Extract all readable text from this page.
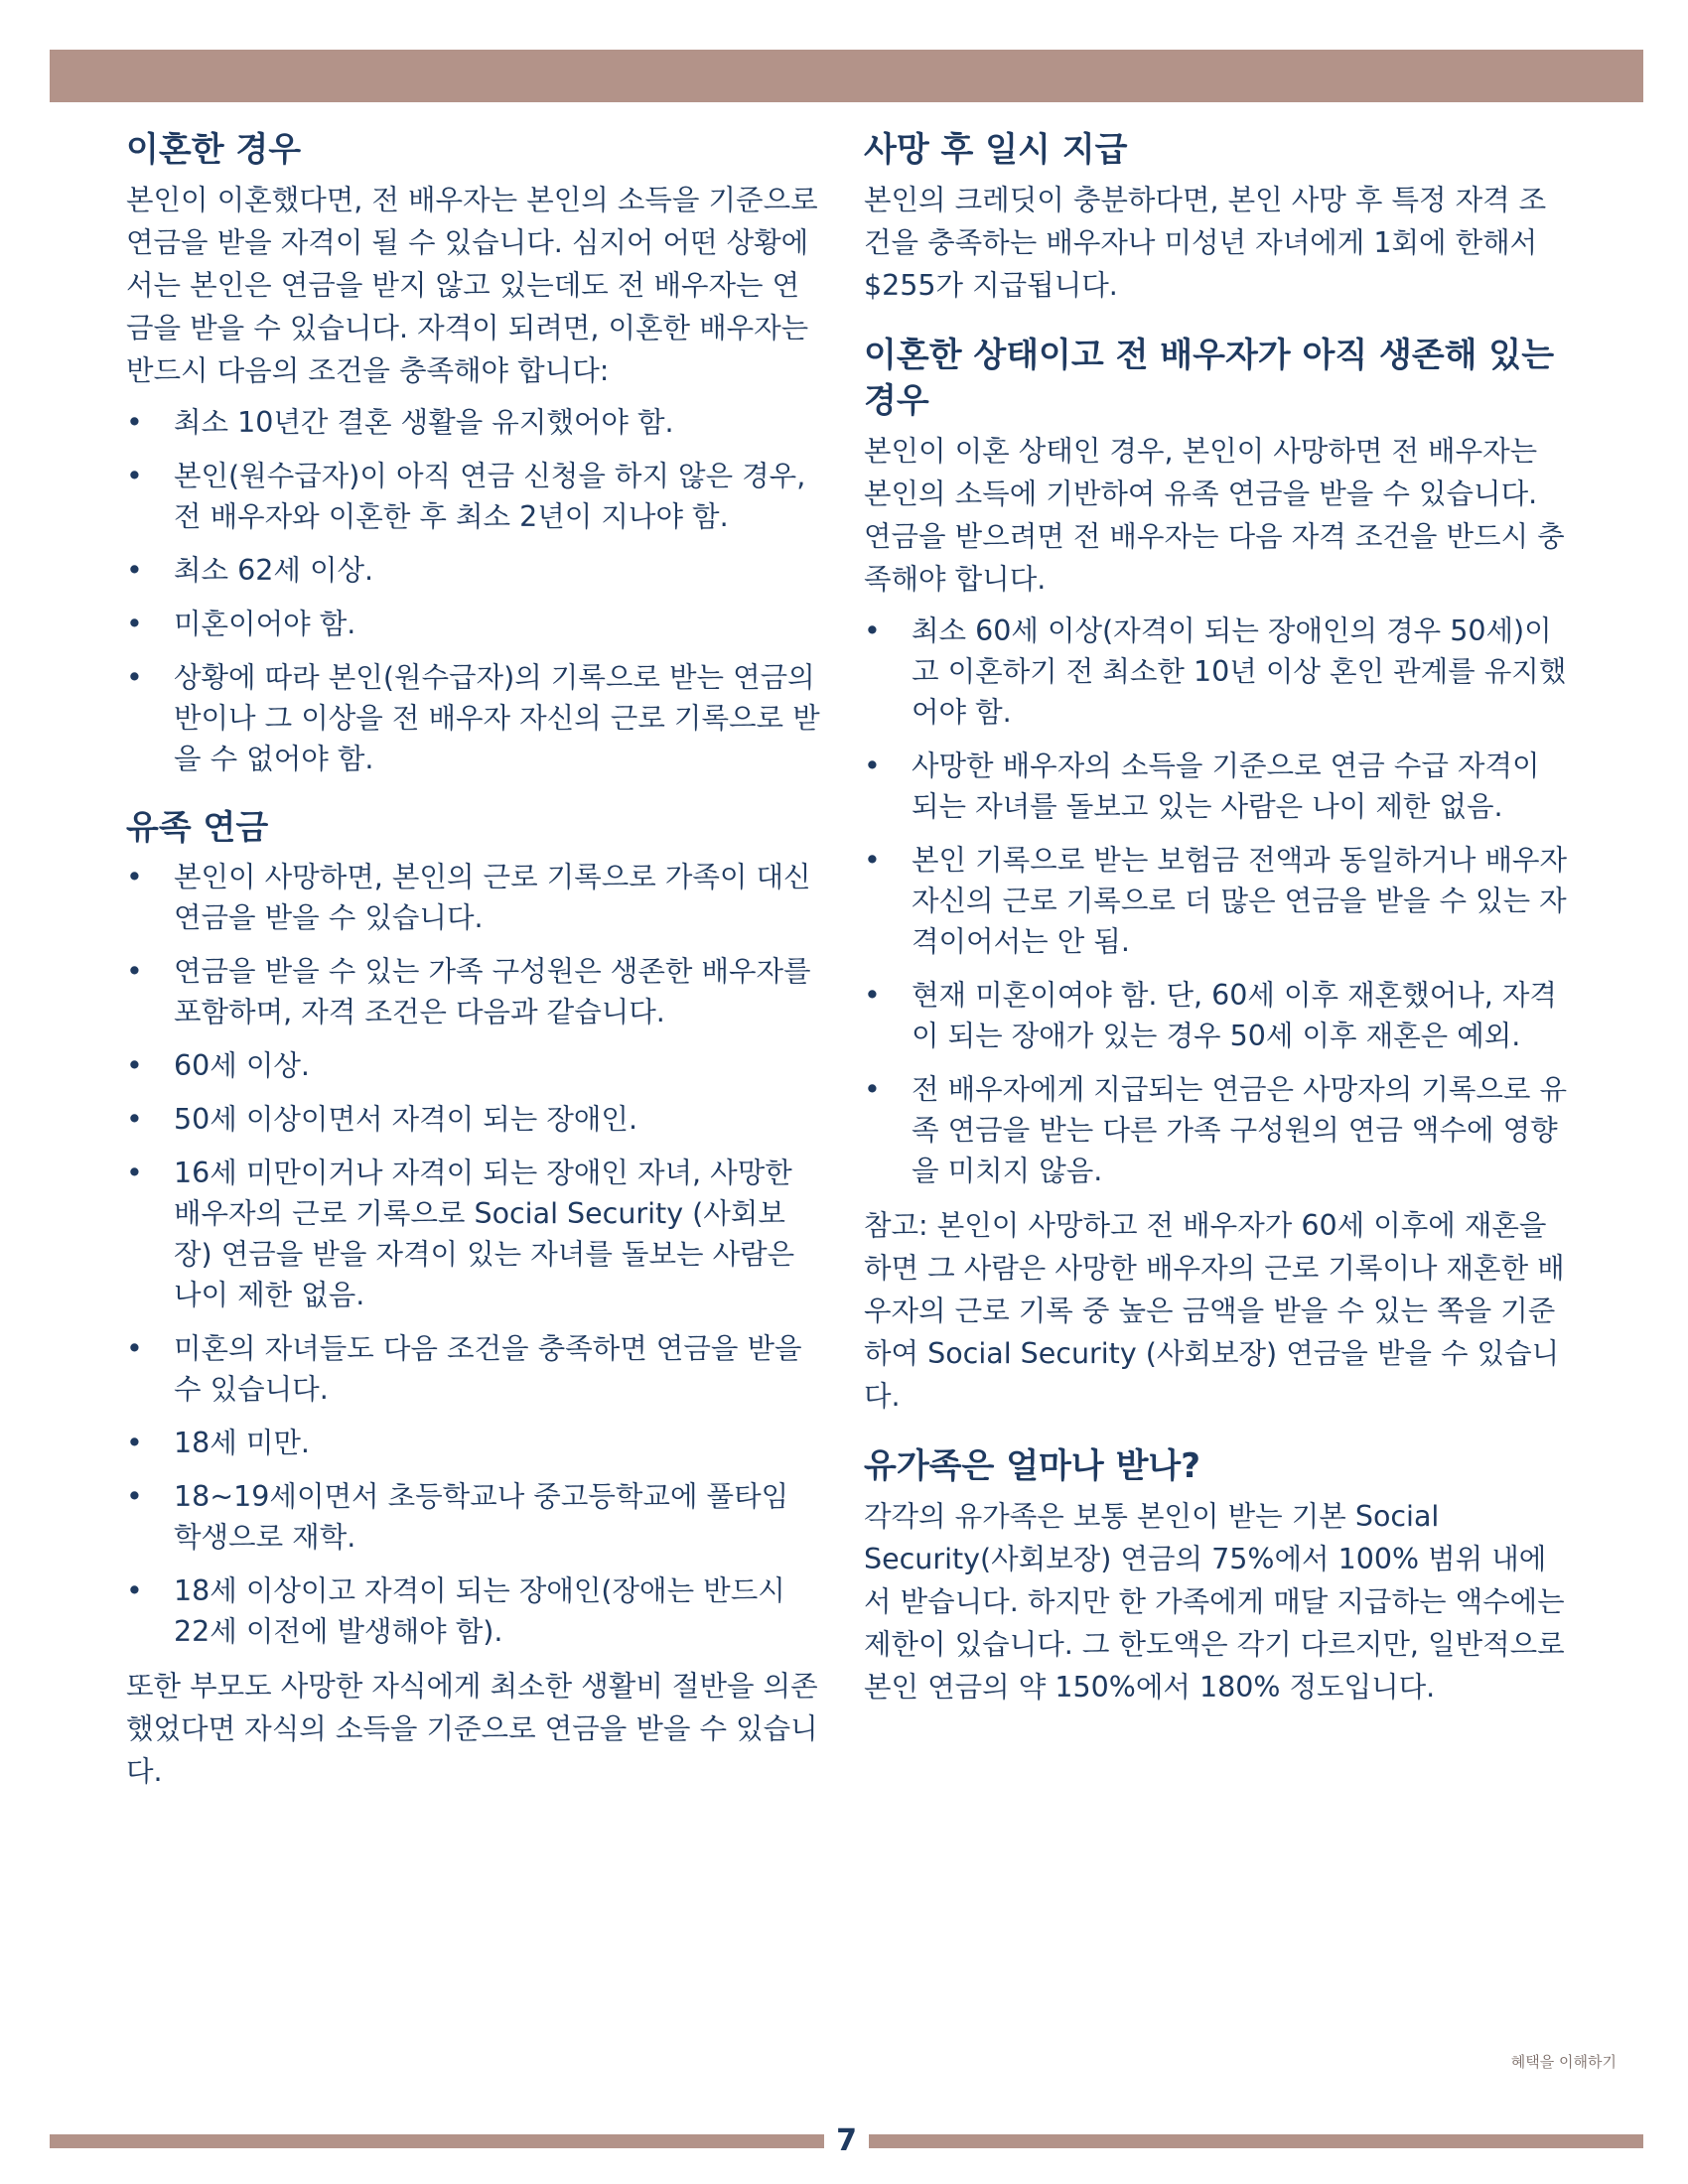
이혼한 경우

본인이 이혼했다면, 전 배우자는 본인의 소득을 기준으로 연금을 받을 자격이 될 수 있습니다. 심지어 어떤 상황에서는 본인은 연금을 받지 않고 있는데도 전 배우자는 연금을 받을 수 있습니다. 자격이 되려면, 이혼한 배우자는 반드시 다음의 조건을 충족해야 합니다:

• 최소 10년간 결혼 생활을 유지했어야 함.
• 본인(원수급자)이 아직 연금 신청을 하지 않은 경우, 전 배우자와 이혼한 후 최소 2년이 지나야 함.
• 최소 62세 이상.
• 미혼이어야 함.
• 상황에 따라 본인(원수급자)의 기록으로 받는 연금의 반이나 그 이상을 전 배우자 자신의 근로 기록으로 받을 수 없어야 함.
유족 연금
• 본인이 사망하면, 본인의 근로 기록으로 가족이 대신 연금을 받을 수 있습니다.
• 연금을 받을 수 있는 가족 구성원은 생존한 배우자를 포함하며, 자격 조건은 다음과 같습니다.
• 60세 이상.
• 50세 이상이면서 자격이 되는 장애인.
• 16세 미만이거나 자격이 되는 장애인 자녀, 사망한 배우자의 근로 기록으로 Social Security (사회보장) 연금을 받을 자격이 있는 자녀를 돌보는 사람은 나이 제한 없음.
• 미혼의 자녀들도 다음 조건을 충족하면 연금을 받을 수 있습니다.
• 18세 미만.
• 18~19세이면서 초등학교나 중고등학교에 풀타임 학생으로 재학.
• 18세 이상이고 자격이 되는 장애인(장애는 반드시 22세 이전에 발생해야 함).

또한 부모도 사망한 자식에게 최소한 생활비 절반을 의존했었다면 자식의 소득을 기준으로 연금을 받을 수 있습니다.

사망 후 일시 지급

본인의 크레딧이 충분하다면, 본인 사망 후 특정 자격 조건을 충족하는 배우자나 미성년 자녀에게 1회에 한해서 $255가 지급됩니다.

이혼한 상태이고 전 배우자가 아직 생존해 있는 경우

본인이 이혼 상태인 경우, 본인이 사망하면 전 배우자는 본인의 소득에 기반하여 유족 연금을 받을 수 있습니다. 연금을 받으려면 전 배우자는 다음 자격 조건을 반드시 충족해야 합니다.

• 최소 60세 이상(자격이 되는 장애인의 경우 50세)이고 이혼하기 전 최소한 10년 이상 혼인 관계를 유지했어야 함.
• 사망한 배우자의 소득을 기준으로 연금 수급 자격이 되는 자녀를 돌보고 있는 사람은 나이 제한 없음.
• 본인 기록으로 받는 보험금 전액과 동일하거나 배우자 자신의 근로 기록으로 더 많은 연금을 받을 수 있는 자격이어서는 안 됨.
• 현재 미혼이여야 함. 단, 60세 이후 재혼했어나, 자격이 되는 장애가 있는 경우 50세 이후 재혼은 예외.
• 전 배우자에게 지급되는 연금은 사망자의 기록으로 유족 연금을 받는 다른 가족 구성원의 연금 액수에 영향을 미치지 않음.

참고: 본인이 사망하고 전 배우자가 60세 이후에 재혼을 하면 그 사람은 사망한 배우자의 근로 기록이나 재혼한 배우자의 근로 기록 중 높은 금액을 받을 수 있는 쪽을 기준하여 Social Security (사회보장) 연금을 받을 수 있습니다.

유가족은 얼마나 받나?

각각의 유가족은 보통 본인이 받는 기본 Social Security(사회보장) 연금의 75%에서 100% 범위 내에서 받습니다. 하지만 한 가족에게 매달 지급하는 액수에는 제한이 있습니다. 그 한도액은 각기 다르지만, 일반적으로 본인 연금의 약 150%에서 180% 정도입니다.

혜택을 이해하기
7
